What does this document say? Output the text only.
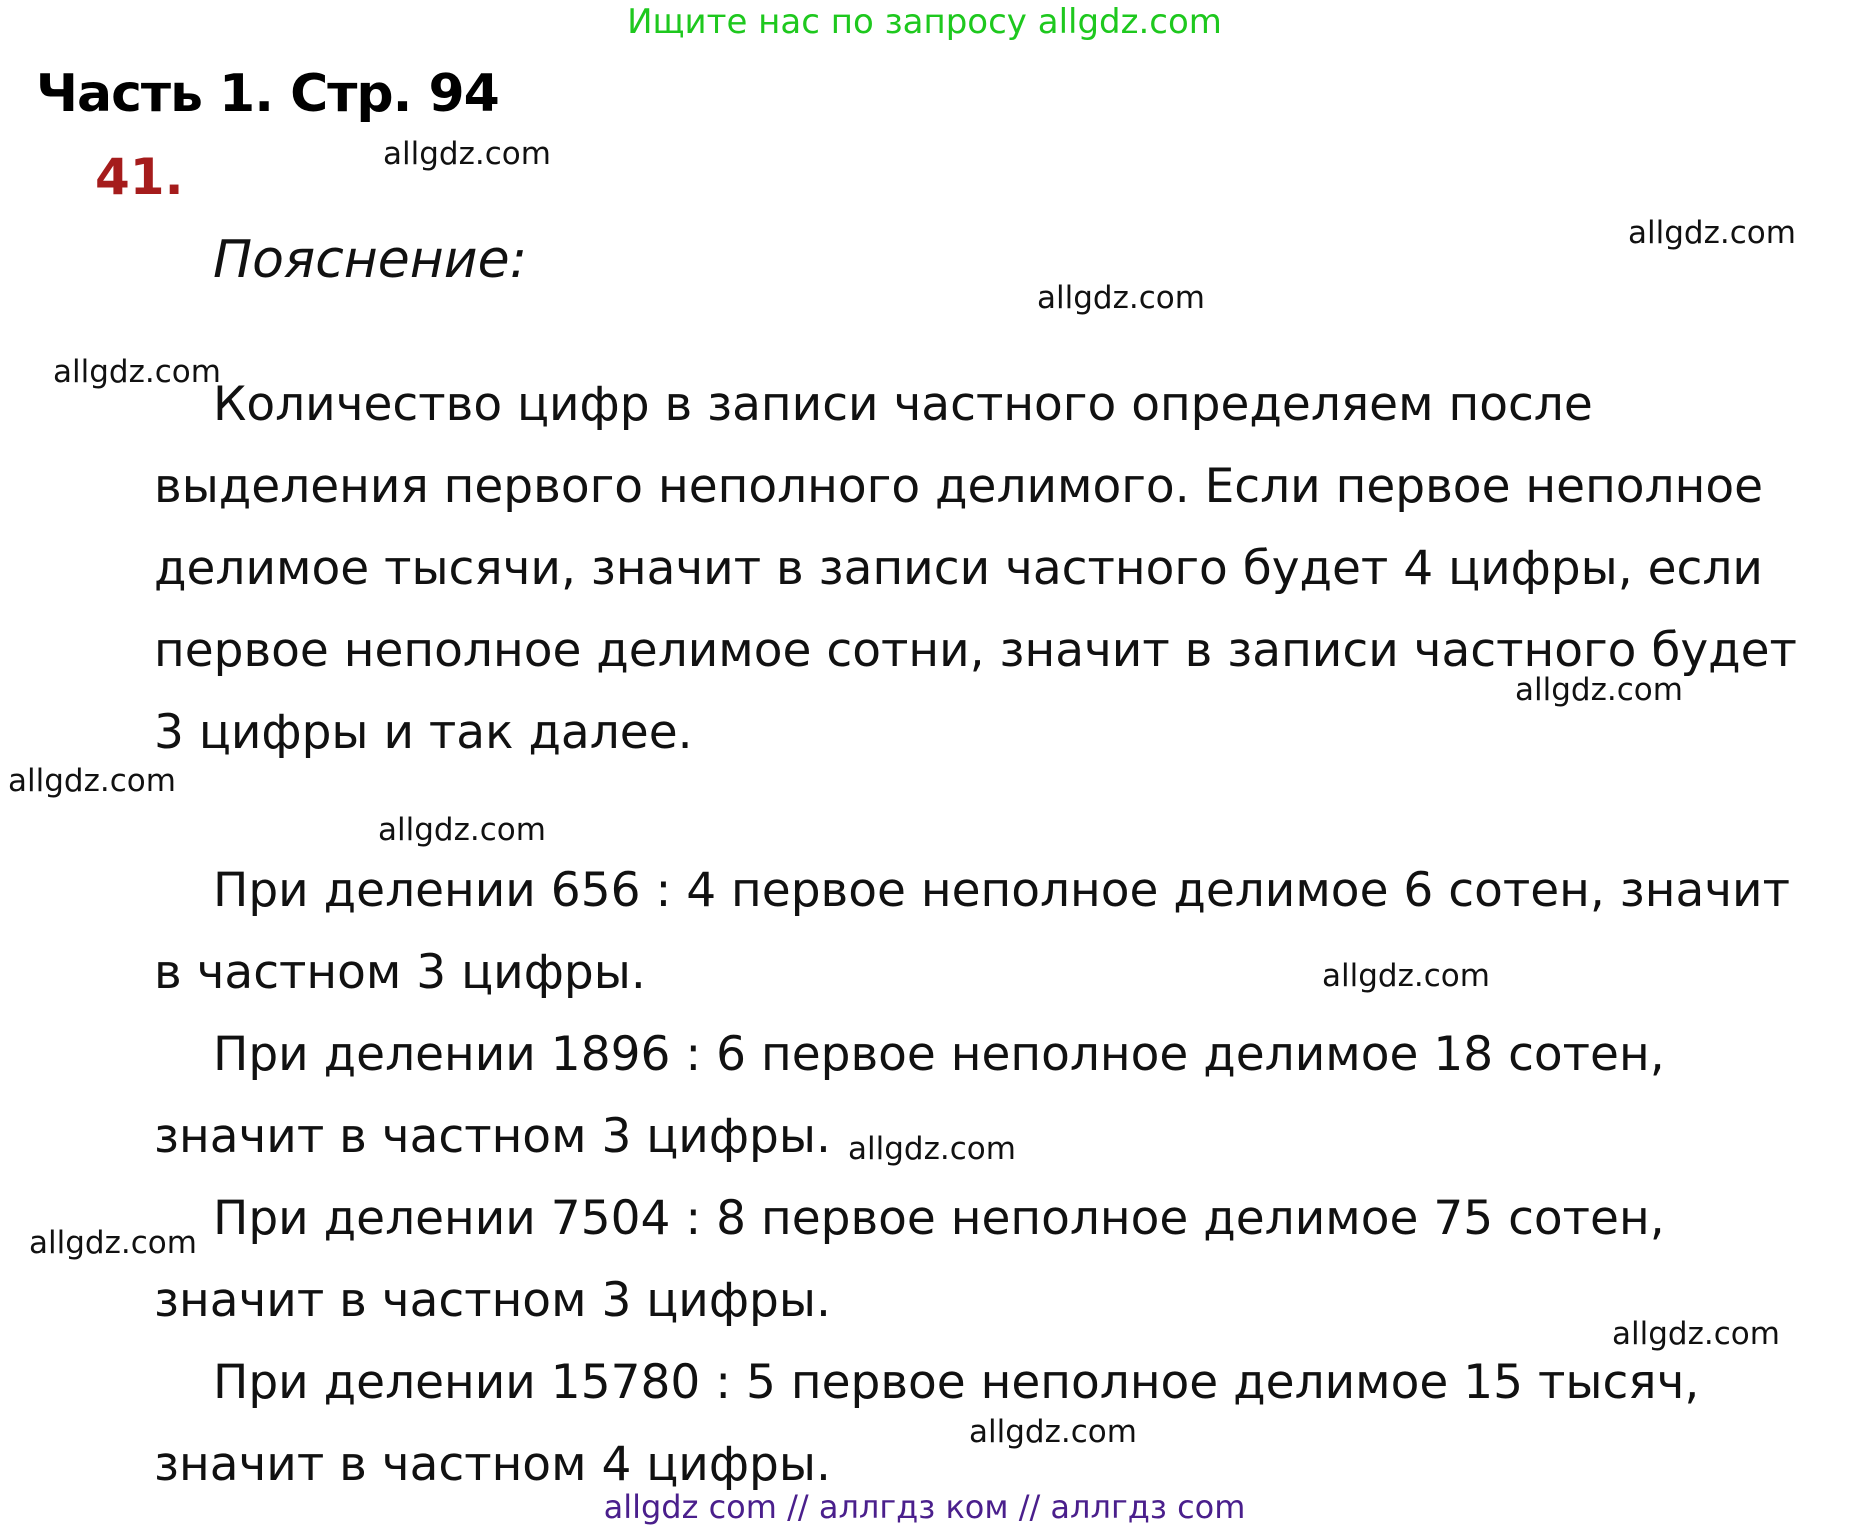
Ищите нас по запросу allgdz.com
Часть 1. Стр. 94
41.
Пояснение:
Количество цифр в записи частного определяем после
выделения первого неполного делимого. Если первое неполное
делимое тысячи, значит в записи частного будет 4 цифры, если
первое неполное делимое сотни, значит в записи частного будет
3 цифры и так далее.
При делении 656 : 4 первое неполное делимое 6 сотен, значит
в частном 3 цифры.
При делении 1896 : 6 первое неполное делимое 18 сотен,
значит в частном 3 цифры.
При делении 7504 : 8 первое неполное делимое 75 сотен,
значит в частном 3 цифры.
При делении 15780 : 5 первое неполное делимое 15 тысяч,
значит в частном 4 цифры.
allgdz.com
allgdz.com
allgdz.com
allgdz.com
allgdz.com
allgdz.com
allgdz.com
allgdz.com
allgdz.com
allgdz.com
allgdz.com
allgdz.com
allgdz com // аллгдз ком // аллгдз com
